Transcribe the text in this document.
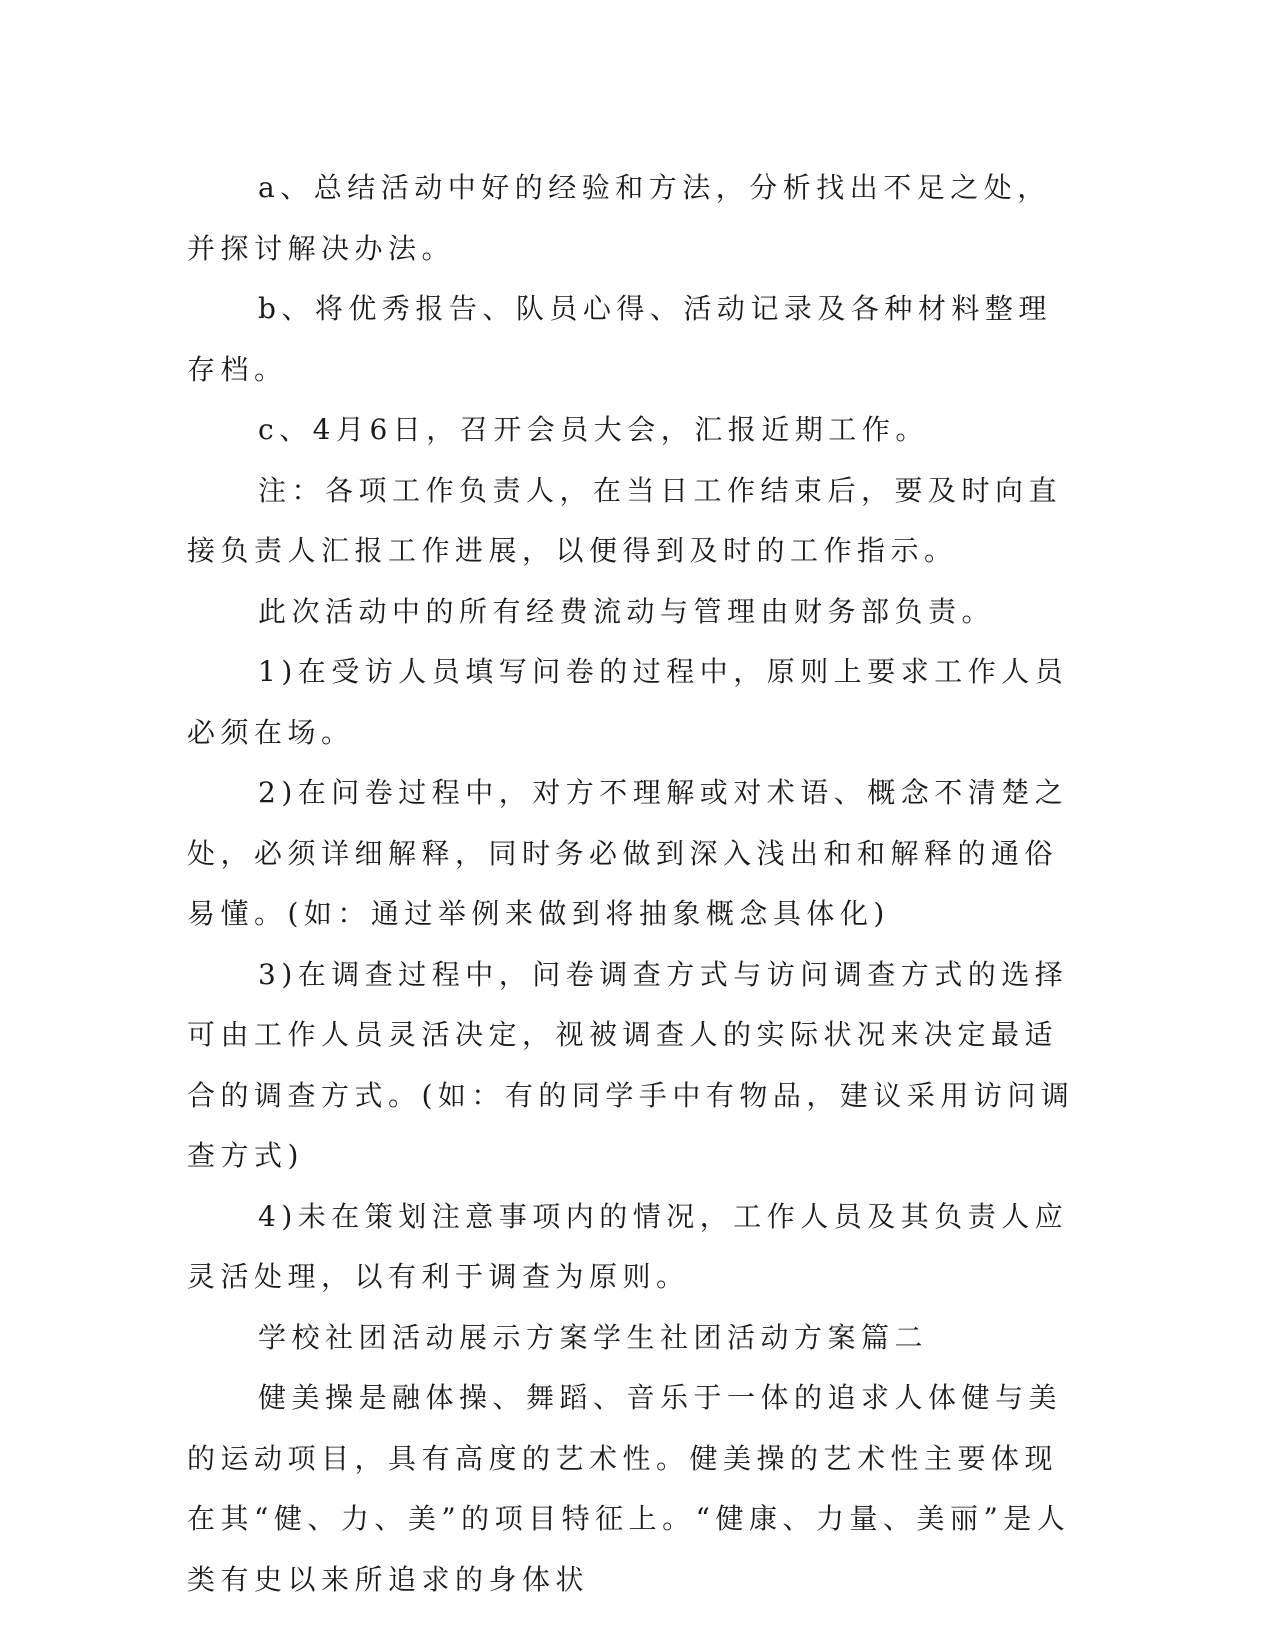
a、总结活动中好的经验和方法，分析找出不足之处，并探讨解决办法。

b、将优秀报告、队员心得、活动记录及各种材料整理存档。

c、4月6日，召开会员大会，汇报近期工作。

注：各项工作负责人，在当日工作结束后，要及时向直接负责人汇报工作进展，以便得到及时的工作指示。

此次活动中的所有经费流动与管理由财务部负责。

1)在受访人员填写问卷的过程中，原则上要求工作人员必须在场。

2)在问卷过程中，对方不理解或对术语、概念不清楚之处，必须详细解释，同时务必做到深入浅出和和解释的通俗易懂。(如：通过举例来做到将抽象概念具体化)

3)在调查过程中，问卷调查方式与访问调查方式的选择可由工作人员灵活决定，视被调查人的实际状况来决定最适合的调查方式。(如：有的同学手中有物品，建议采用访问调查方式)

4)未在策划注意事项内的情况，工作人员及其负责人应灵活处理，以有利于调查为原则。

学校社团活动展示方案学生社团活动方案篇二

健美操是融体操、舞蹈、音乐于一体的追求人体健与美的运动项目，具有高度的艺术性。健美操的艺术性主要体现在其“健、力、美”的项目特征上。“健康、力量、美丽”是人类有史以来所追求的身体状
